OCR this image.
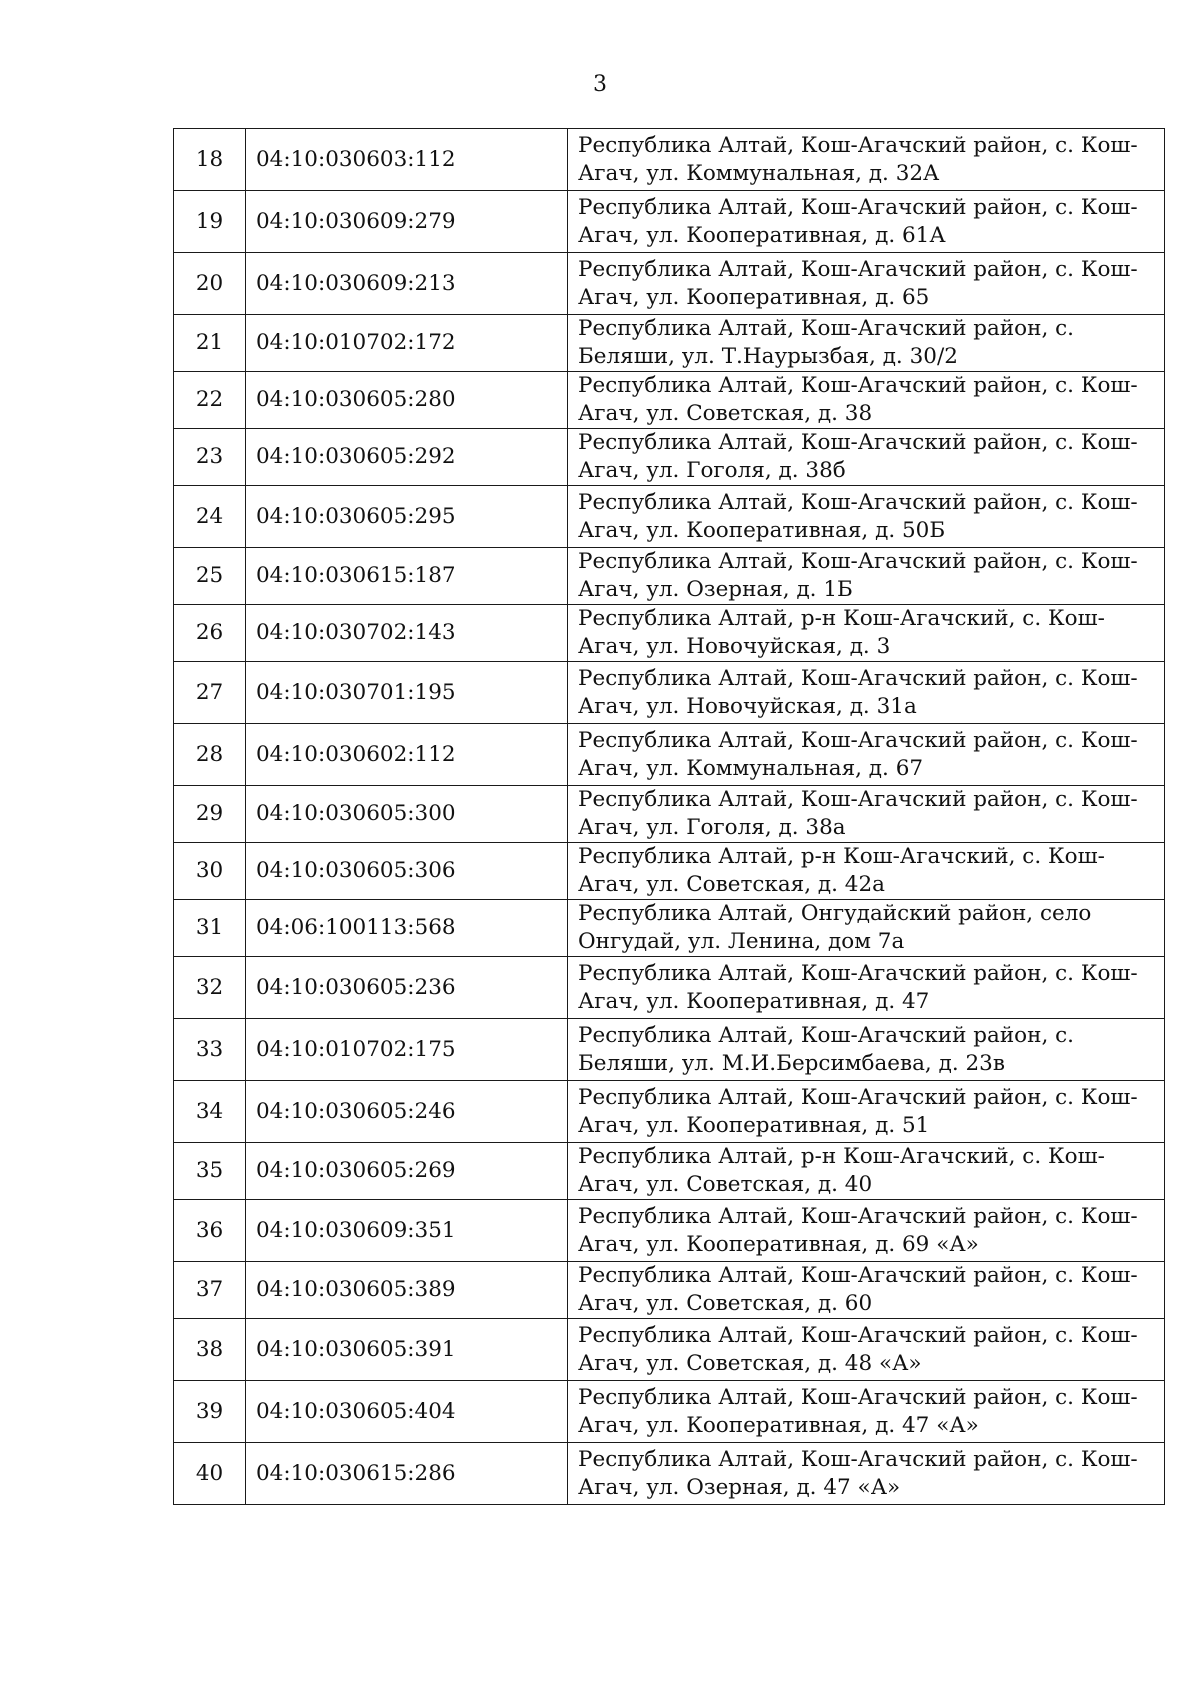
3
18	04:10:030603:112	Республика Алтай, Кош-Агачский район, с. Кош-Агач, ул. Коммунальная, д. 32А
19	04:10:030609:279	Республика Алтай, Кош-Агачский район, с. Кош-Агач, ул. Кооперативная, д. 61А
20	04:10:030609:213	Республика Алтай, Кош-Агачский район, с. Кош-Агач, ул. Кооперативная, д. 65
21	04:10:010702:172	Республика Алтай, Кош-Агачский район, с. Беляши, ул. Т.Наурызбая, д. 30/2
22	04:10:030605:280	Республика Алтай, Кош-Агачский район, с. Кош-Агач, ул. Советская, д. 38
23	04:10:030605:292	Республика Алтай, Кош-Агачский район, с. Кош-Агач, ул. Гоголя, д. 38б
24	04:10:030605:295	Республика Алтай, Кош-Агачский район, с. Кош-Агач, ул. Кооперативная, д. 50Б
25	04:10:030615:187	Республика Алтай, Кош-Агачский район, с. Кош-Агач, ул. Озерная, д. 1Б
26	04:10:030702:143	Республика Алтай, р-н Кош-Агачский, с. Кош-Агач, ул. Новочуйская, д. 3
27	04:10:030701:195	Республика Алтай, Кош-Агачский район, с. Кош-Агач, ул. Новочуйская, д. 31а
28	04:10:030602:112	Республика Алтай, Кош-Агачский район, с. Кош-Агач, ул. Коммунальная, д. 67
29	04:10:030605:300	Республика Алтай, Кош-Агачский район, с. Кош-Агач, ул. Гоголя, д. 38а
30	04:10:030605:306	Республика Алтай, р-н Кош-Агачский, с. Кош-Агач, ул. Советская, д. 42а
31	04:06:100113:568	Республика Алтай, Онгудайский район, село Онгудай, ул. Ленина, дом 7а
32	04:10:030605:236	Республика Алтай, Кош-Агачский район, с. Кош-Агач, ул. Кооперативная, д. 47
33	04:10:010702:175	Республика Алтай, Кош-Агачский район, с. Беляши, ул. М.И.Берсимбаева, д. 23в
34	04:10:030605:246	Республика Алтай, Кош-Агачский район, с. Кош-Агач, ул. Кооперативная, д. 51
35	04:10:030605:269	Республика Алтай, р-н Кош-Агачский, с. Кош-Агач, ул. Советская, д. 40
36	04:10:030609:351	Республика Алтай, Кош-Агачский район, с. Кош-Агач, ул. Кооперативная, д. 69 «А»
37	04:10:030605:389	Республика Алтай, Кош-Агачский район, с. Кош-Агач, ул. Советская, д. 60
38	04:10:030605:391	Республика Алтай, Кош-Агачский район, с. Кош-Агач, ул. Советская, д. 48 «А»
39	04:10:030605:404	Республика Алтай, Кош-Агачский район, с. Кош-Агач, ул. Кооперативная, д. 47 «А»
40	04:10:030615:286	Республика Алтай, Кош-Агачский район, с. Кош-Агач, ул. Озерная, д. 47 «А»
